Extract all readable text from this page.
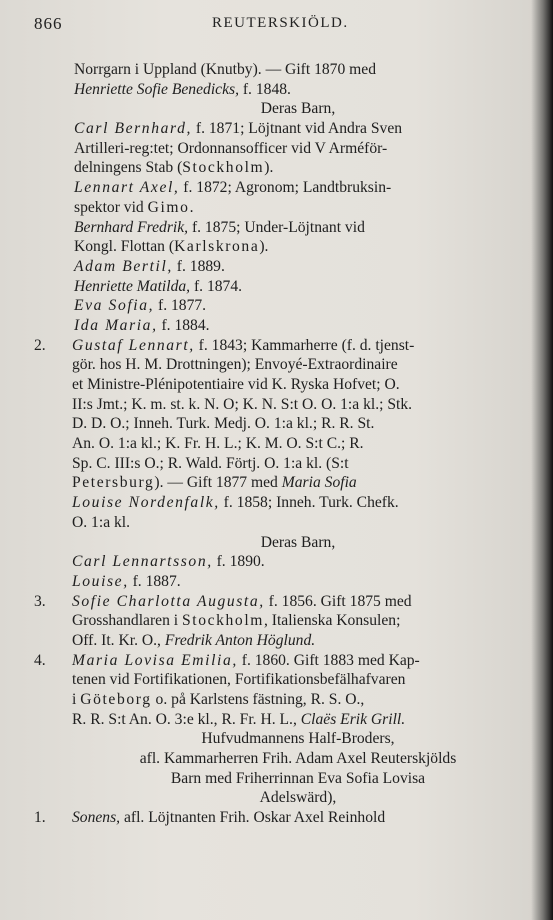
866	REUTERSKIÖLD.
Norrgarn i Uppland (Knutby). — Gift 1870 med
Henriette Sofie Benedicks, f. 1848.
Deras Barn,
Carl Bernhard, f. 1871; Löjtnant vid Andra Sven
Artilleri-reg:tet; Ordonnansofficer vid V Arméför-
delningens Stab (Stockholm).
Lennart Axel, f. 1872; Agronom; Landtbruksin-
spektor vid Gimo.
Bernhard Fredrik, f. 1875; Under-Löjtnant vid
Kongl. Flottan (Karlskrona).
Adam Bertil, f. 1889.
Henriette Matilda, f. 1874.
Eva Sofia, f. 1877.
Ida Maria, f. 1884.
2. Gustaf Lennart, f. 1843; Kammarherre (f. d. tjenst-
gör. hos H. M. Drottningen); Envoyé-Extraordinaire
et Ministre-Plénipotentiaire vid K. Ryska Hofvet; O.
II:s Jmt.; K. m. st. k. N. O; K. N. S:t O. O. 1:a kl.; Stk.
D. D. O.; Inneh. Turk. Medj. O. 1:a kl.; R. R. St.
An. O. 1:a kl.; K. Fr. H. L.; K. M. O. S:t C.; R.
Sp. C. III:s O.; R. Wald. Förtj. O. 1:a kl. (S:t
Petersburg). — Gift 1877 med Maria Sofia
Louise Nordenfalk, f. 1858; Inneh. Turk. Chefk.
O. 1:a kl.
Deras Barn,
Carl Lennartsson, f. 1890.
Louise, f. 1887.
3. Sofie Charlotta Augusta, f. 1856. Gift 1875 med
Grosshandlaren i Stockholm, Italienska Konsulen;
Off. It. Kr. O., Fredrik Anton Höglund.
4. Maria Lovisa Emilia, f. 1860. Gift 1883 med Kap-
tenen vid Fortifikationen, Fortifikationsbefälhafvaren
i Göteborg o. på Karlstens fästning, R. S. O.,
R. R. S:t An. O. 3:e kl., R. Fr. H. L., Claës Erik Grill.
Hufvudmannens Half-Broders,
afl. Kammarherren Frih. Adam Axel Reuterskjölds
Barn med Friherrinnan Eva Sofia Lovisa
Adelswärd),
1. Sonens, afl. Löjtnanten Frih. Oskar Axel Reinhold
